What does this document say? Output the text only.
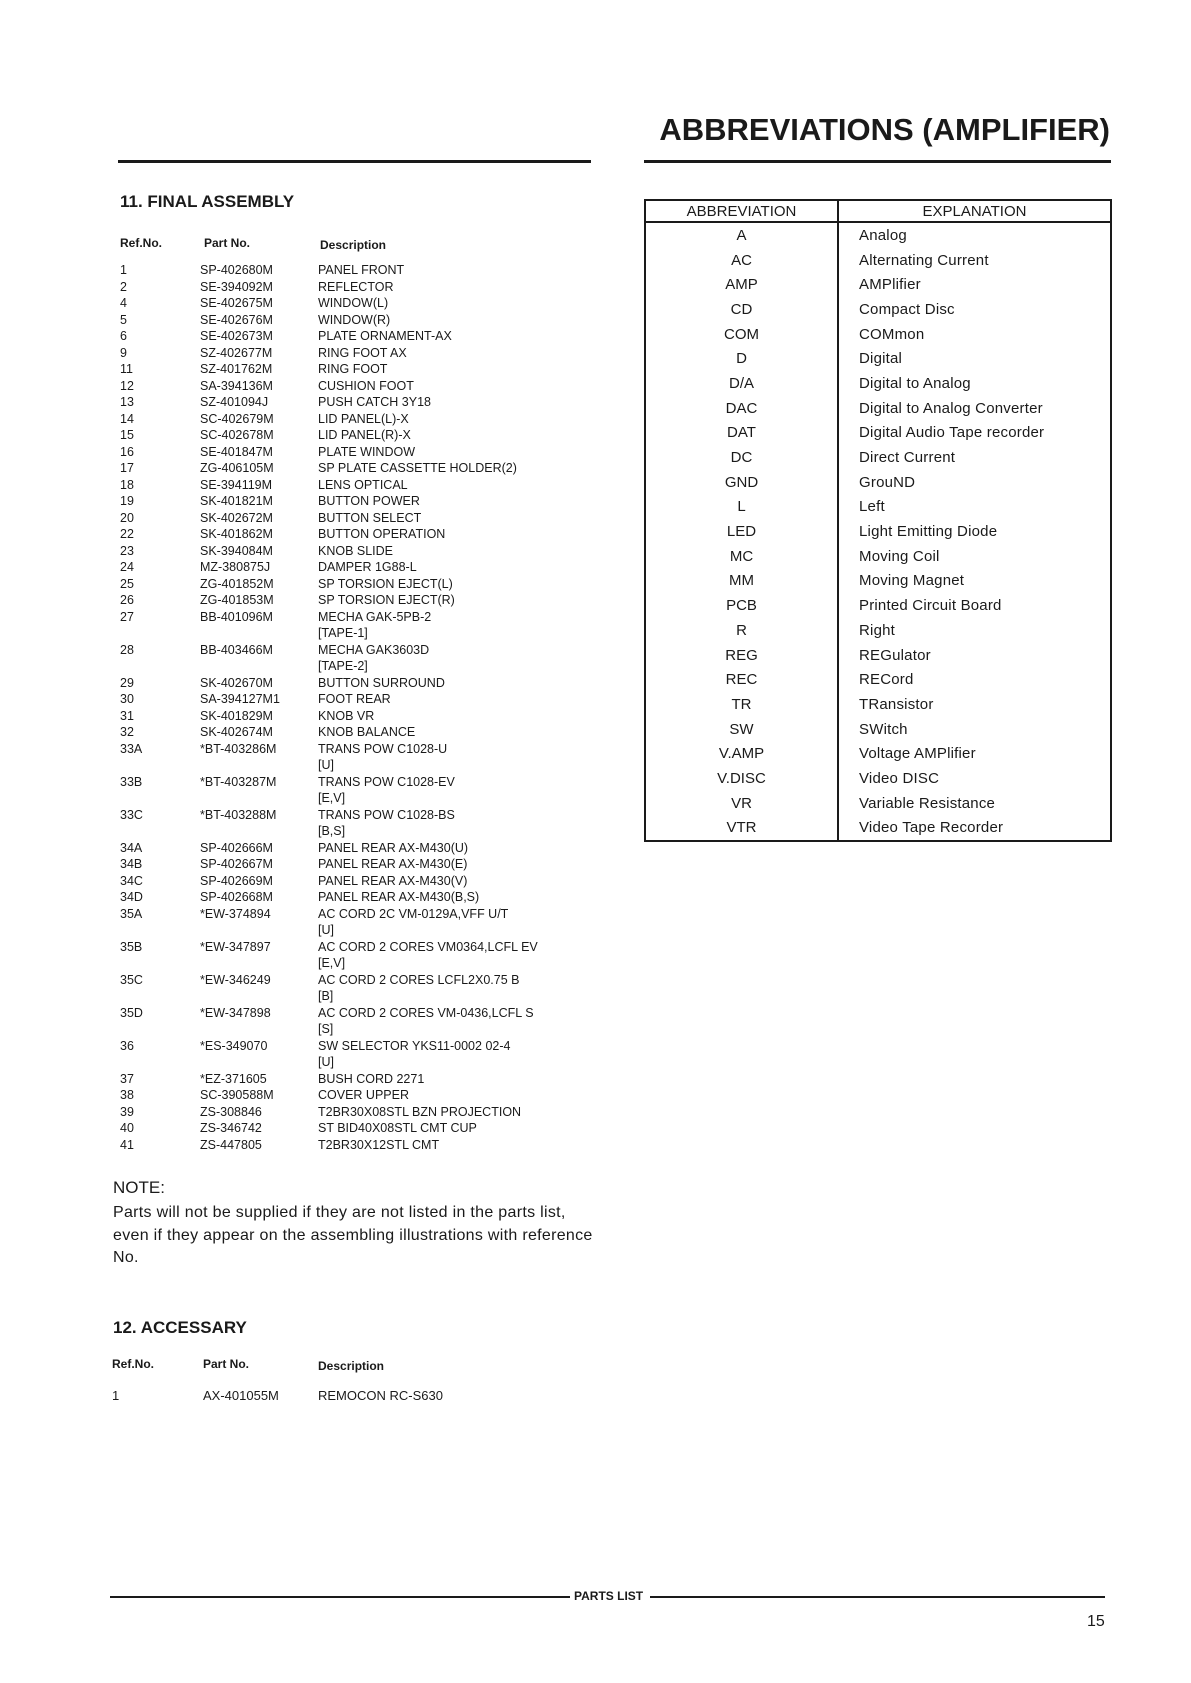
ABBREVIATIONS (AMPLIFIER)
11. FINAL ASSEMBLY
Ref.No.	Part No.	Description
1	SP-402680M	PANEL FRONT
2	SE-394092M	REFLECTOR
4	SE-402675M	WINDOW(L)
5	SE-402676M	WINDOW(R)
6	SE-402673M	PLATE ORNAMENT-AX
9	SZ-402677M	RING FOOT AX
11	SZ-401762M	RING FOOT
12	SA-394136M	CUSHION FOOT
13	SZ-401094J	PUSH CATCH 3Y18
14	SC-402679M	LID PANEL(L)-X
15	SC-402678M	LID PANEL(R)-X
16	SE-401847M	PLATE WINDOW
17	ZG-406105M	SP PLATE CASSETTE HOLDER(2)
18	SE-394119M	LENS OPTICAL
19	SK-401821M	BUTTON POWER
20	SK-402672M	BUTTON SELECT
22	SK-401862M	BUTTON OPERATION
23	SK-394084M	KNOB SLIDE
24	MZ-380875J	DAMPER 1G88-L
25	ZG-401852M	SP TORSION EJECT(L)
26	ZG-401853M	SP TORSION EJECT(R)
27	BB-401096M	MECHA GAK-5PB-2
[TAPE-1]
28	BB-403466M	MECHA GAK3603D
[TAPE-2]
29	SK-402670M	BUTTON SURROUND
30	SA-394127M1	FOOT REAR
31	SK-401829M	KNOB VR
32	SK-402674M	KNOB BALANCE
33A	*BT-403286M	TRANS POW C1028-U
[U]
33B	*BT-403287M	TRANS POW C1028-EV
[E,V]
33C	*BT-403288M	TRANS POW C1028-BS
[B,S]
34A	SP-402666M	PANEL REAR AX-M430(U)
34B	SP-402667M	PANEL REAR AX-M430(E)
34C	SP-402669M	PANEL REAR AX-M430(V)
34D	SP-402668M	PANEL REAR AX-M430(B,S)
35A	*EW-374894	AC CORD 2C VM-0129A,VFF U/T
[U]
35B	*EW-347897	AC CORD 2 CORES VM0364,LCFL EV
[E,V]
35C	*EW-346249	AC CORD 2 CORES LCFL2X0.75 B
[B]
35D	*EW-347898	AC CORD 2 CORES VM-0436,LCFL S
[S]
36	*ES-349070	SW SELECTOR YKS11-0002 02-4
[U]
37	*EZ-371605	BUSH CORD 2271
38	SC-390588M	COVER UPPER
39	ZS-308846	T2BR30X08STL BZN PROJECTION
40	ZS-346742	ST BID40X08STL CMT CUP
41	ZS-447805	T2BR30X12STL CMT
NOTE:
Parts will not be supplied if they are not listed in the parts list, even if they appear on the assembling illustrations with reference No.
12. ACCESSARY
Ref.No.	Part No.	Description
1	AX-401055M	REMOCON RC-S630
ABBREVIATION	EXPLANATION
A	Analog
AC	Alternating Current
AMP	AMPlifier
CD	Compact Disc
COM	COMmon
D	Digital
D/A	Digital to Analog
DAC	Digital to Analog Converter
DAT	Digital Audio Tape recorder
DC	Direct Current
GND	GrouND
L	Left
LED	Light Emitting Diode
MC	Moving Coil
MM	Moving Magnet
PCB	Printed Circuit Board
R	Right
REG	REGulator
REC	RECord
TR	TRansistor
SW	SWitch
V.AMP	Voltage AMPlifier
V.DISC	Video DISC
VR	Variable Resistance
VTR	Video Tape Recorder
PARTS LIST
15
